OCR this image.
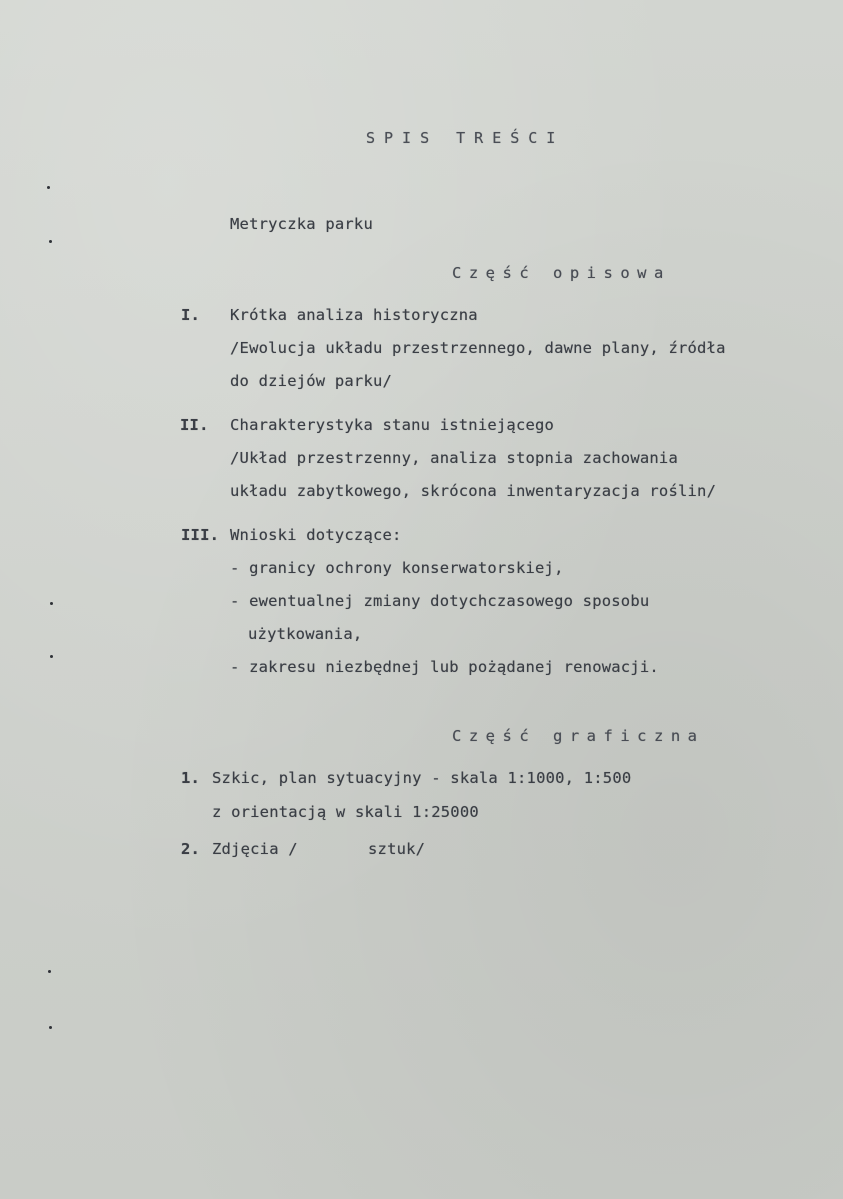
SPIS TREŚCI
Metryczka parku
Część opisowa
I. Krótka analiza historyczna
/Ewolucja układu przestrzennego, dawne plany, źródła
do dziejów parku/
II. Charakterystyka stanu istniejącego
/Układ przestrzenny, analiza stopnia zachowania
układu zabytkowego, skrócona inwentaryzacja roślin/
III. Wnioski dotyczące:
- granicy ochrony konserwatorskiej,
- ewentualnej zmiany dotychczasowego sposobu
użytkowania,
- zakresu niezbędnej lub pożądanej renowacji.
Część graficzna
1. Szkic, plan sytuacyjny - skala 1:1000, 1:500
z orientacją w skali 1:25000
2. Zdjęcia /	sztuk/
